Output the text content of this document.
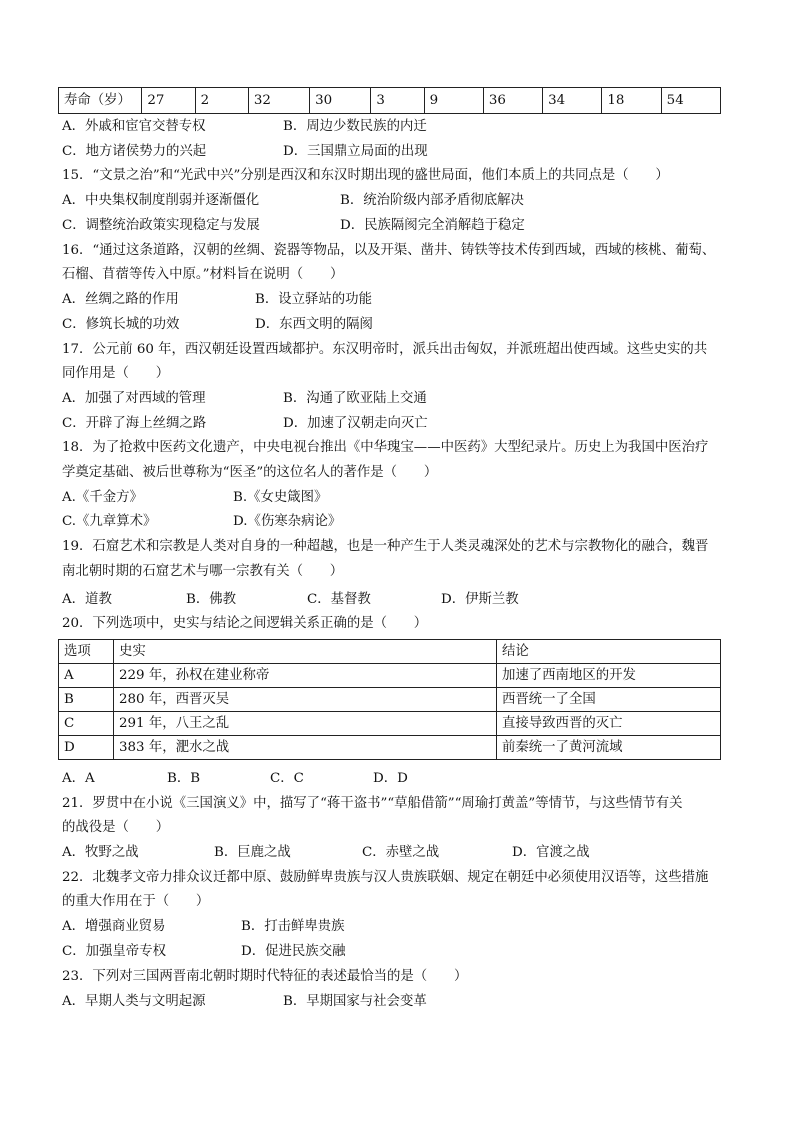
寿命（岁）	27	2	32	30	3	9	36	34	18	54
A．外戚和宦官交替专权	B．周边少数民族的内迁
C．地方诸侯势力的兴起	D．三国鼎立局面的出现
15．“文景之治”和“光武中兴”分别是西汉和东汉时期出现的盛世局面，他们本质上的共同点是（　　）
A．中央集权制度削弱并逐渐僵化	B．统治阶级内部矛盾彻底解决
C．调整统治政策实现稳定与发展	D．民族隔阂完全消解趋于稳定
16．“通过这条道路，汉朝的丝绸、瓷器等物品，以及开渠、凿井、铸铁等技术传到西域，西域的核桃、葡萄、
石榴、苜蓿等传入中原。”材料旨在说明（　　）
A．丝绸之路的作用	B．设立驿站的功能
C．修筑长城的功效	D．东西文明的隔阂
17．公元前 60 年，西汉朝廷设置西域都护。东汉明帝时，派兵出击匈奴，并派班超出使西域。这些史实的共
同作用是（　　）
A．加强了对西域的管理	B．沟通了欧亚陆上交通
C．开辟了海上丝绸之路	D．加速了汉朝走向灭亡
18．为了抢救中医药文化遗产，中央电视台推出《中华瑰宝——中医药》大型纪录片。历史上为我国中医治疗
学奠定基础、被后世尊称为“医圣”的这位名人的著作是（　　）
A.《千金方》	B.《女史箴图》
C.《九章算术》	D.《伤寒杂病论》
19．石窟艺术和宗教是人类对自身的一种超越，也是一种产生于人类灵魂深处的艺术与宗教物化的融合，魏晋
南北朝时期的石窟艺术与哪一宗教有关（　　）
A．道教	B．佛教	C．基督教	D．伊斯兰教
20．下列选项中，史实与结论之间逻辑关系正确的是（　　）
选项	史实	结论
A	229 年，孙权在建业称帝	加速了西南地区的开发
B	280 年，西晋灭吴	西晋统一了全国
C	291 年，八王之乱	直接导致西晋的灭亡
D	383 年，淝水之战	前秦统一了黄河流域
A．A	B．B	C．C	D．D
21．罗贯中在小说《三国演义》中，描写了“蒋干盗书”“草船借箭”“周瑜打黄盖”等情节，与这些情节有关
的战役是（　　）
A．牧野之战	B．巨鹿之战	C．赤壁之战	D．官渡之战
22．北魏孝文帝力排众议迁都中原、鼓励鲜卑贵族与汉人贵族联姻、规定在朝廷中必须使用汉语等，这些措施
的重大作用在于（　　）
A．增强商业贸易	B．打击鲜卑贵族
C．加强皇帝专权	D．促进民族交融
23．下列对三国两晋南北朝时期时代特征的表述最恰当的是（　　）
A．早期人类与文明起源	B．早期国家与社会变革
